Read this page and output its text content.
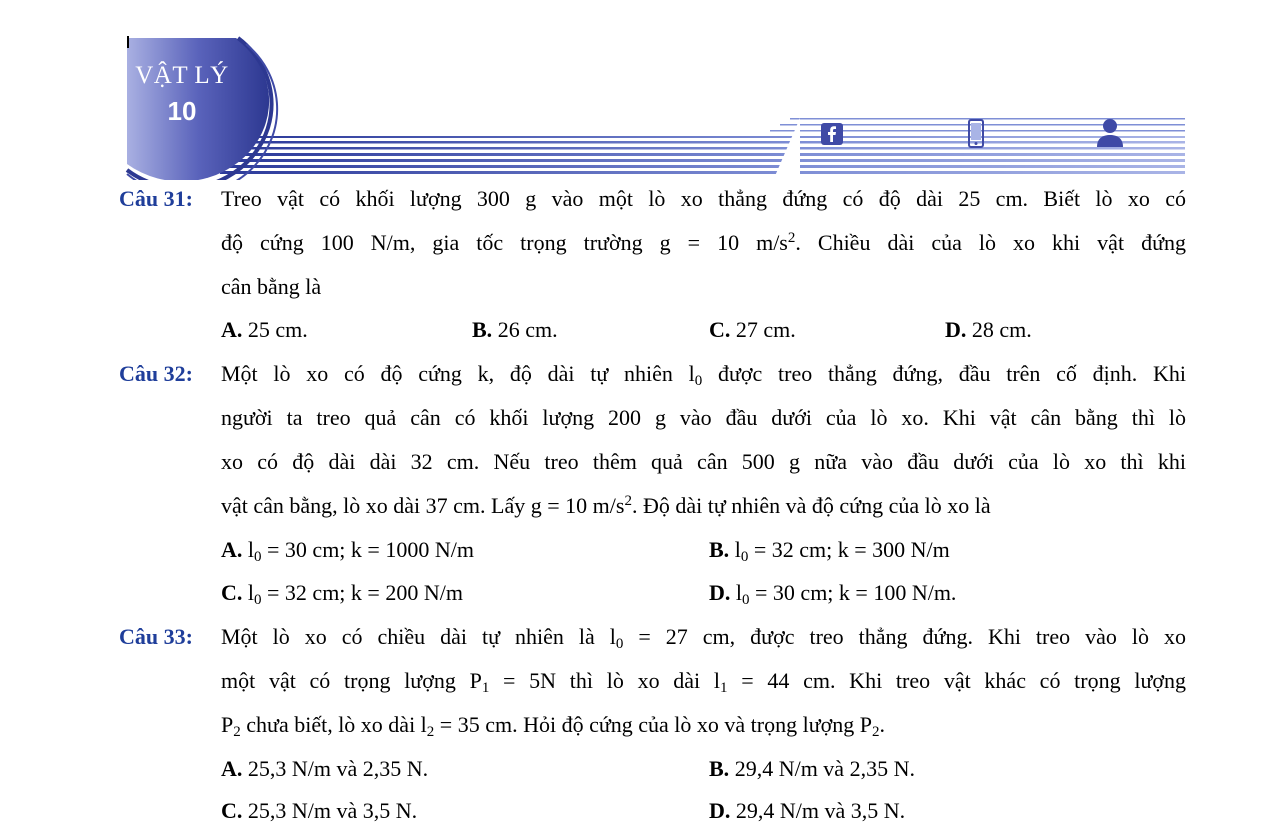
VẬT LÝ
10
Câu 31: Treo vật có khối lượng 300 g vào một lò xo thẳng đứng có độ dài 25 cm. Biết lò xo có
độ cứng 100 N/m, gia tốc trọng trường g = 10 $m/s^2$. Chiều dài của lò xo khi vật đứng
cân bằng là
A. 25 cm.	B. 26 cm.	C. 27 cm.	D. 28 cm.
Câu 32: Một lò xo có độ cứng k, độ dài tự nhiên $l_0$ được treo thẳng đứng, đầu trên cố định. Khi
người ta treo quả cân có khối lượng 200 g vào đầu dưới của lò xo. Khi vật cân bằng thì lò
xo có độ dài dài 32 cm. Nếu treo thêm quả cân 500 g nữa vào đầu dưới của lò xo thì khi
vật cân bằng, lò xo dài 37 cm. Lấy g = 10 $m/s^2$. Độ dài tự nhiên và độ cứng của lò xo là
A. $l_0 = 30$ cm; k = 1000 N/m	B. $l_0 = 32$ cm; k = 300 N/m
C. $l_0 = 32$ cm; k = 200 N/m	D. $l_0 = 30$ cm; k = 100 N/m.
Câu 33: Một lò xo có chiều dài tự nhiên là $l_0 = 27$ cm, được treo thẳng đứng. Khi treo vào lò xo
một vật có trọng lượng $P_1 = 5N$ thì lò xo dài $l_1 = 44$ cm. Khi treo vật khác có trọng lượng
$P_2$ chưa biết, lò xo dài $l_2 = 35$ cm. Hỏi độ cứng của lò xo và trọng lượng $P_2$.
A. 25,3 N/m và 2,35 N.	B. 29,4 N/m và 2,35 N.
C. 25,3 N/m và 3,5 N.	D. 29,4 N/m và 3,5 N.
